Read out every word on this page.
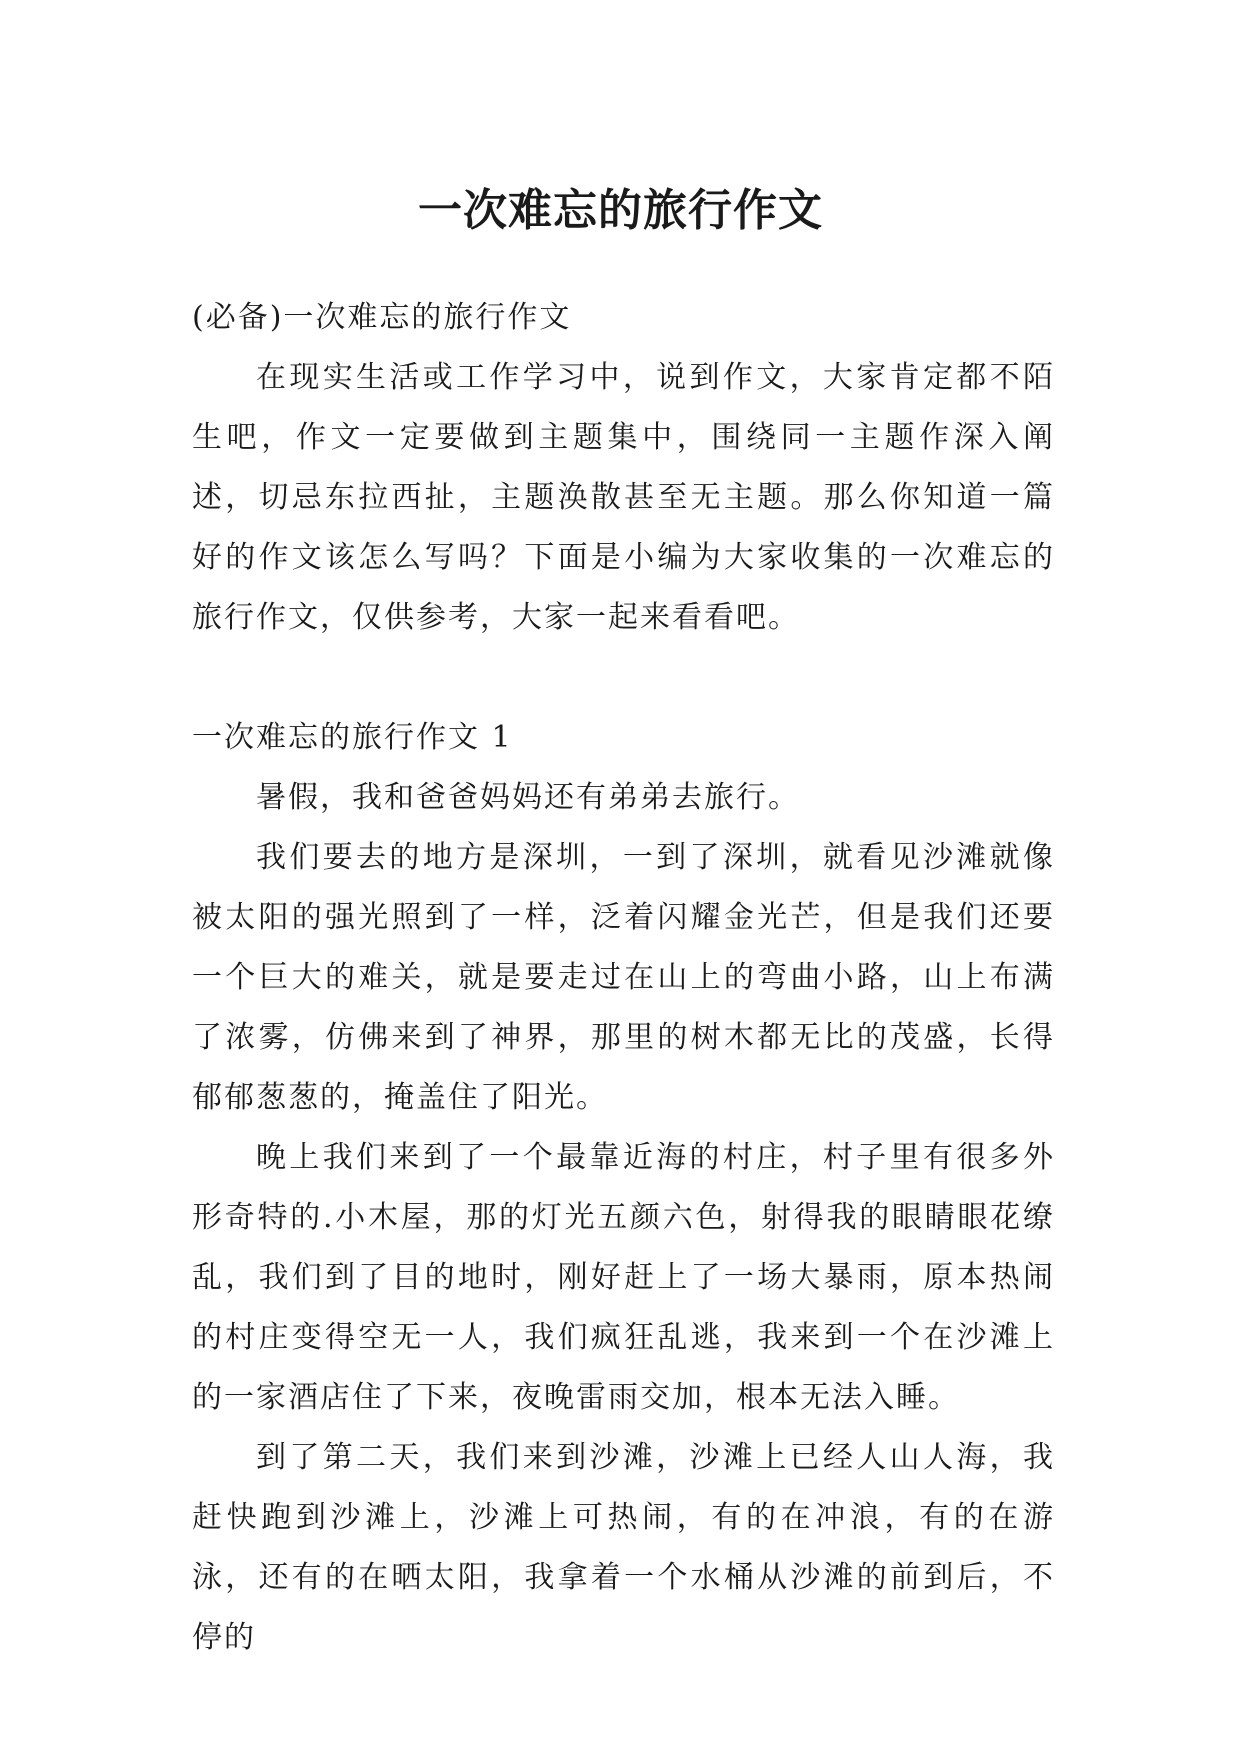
一次难忘的旅行作文

(必备)一次难忘的旅行作文

在现实生活或工作学习中，说到作文，大家肯定都不陌生吧，作文一定要做到主题集中，围绕同一主题作深入阐述，切忌东拉西扯，主题涣散甚至无主题。那么你知道一篇好的作文该怎么写吗？下面是小编为大家收集的一次难忘的旅行作文，仅供参考，大家一起来看看吧。

一次难忘的旅行作文 1

暑假，我和爸爸妈妈还有弟弟去旅行。

我们要去的地方是深圳，一到了深圳，就看见沙滩就像被太阳的强光照到了一样，泛着闪耀金光芒，但是我们还要一个巨大的难关，就是要走过在山上的弯曲小路，山上布满了浓雾，仿佛来到了神界，那里的树木都无比的茂盛，长得郁郁葱葱的，掩盖住了阳光。

晚上我们来到了一个最靠近海的村庄，村子里有很多外形奇特的.小木屋，那的灯光五颜六色，射得我的眼睛眼花缭乱，我们到了目的地时，刚好赶上了一场大暴雨，原本热闹的村庄变得空无一人，我们疯狂乱逃，我来到一个在沙滩上的一家酒店住了下来，夜晚雷雨交加，根本无法入睡。

到了第二天，我们来到沙滩，沙滩上已经人山人海，我赶快跑到沙滩上，沙滩上可热闹，有的在冲浪，有的在游泳，还有的在晒太阳，我拿着一个水桶从沙滩的前到后，不停的
